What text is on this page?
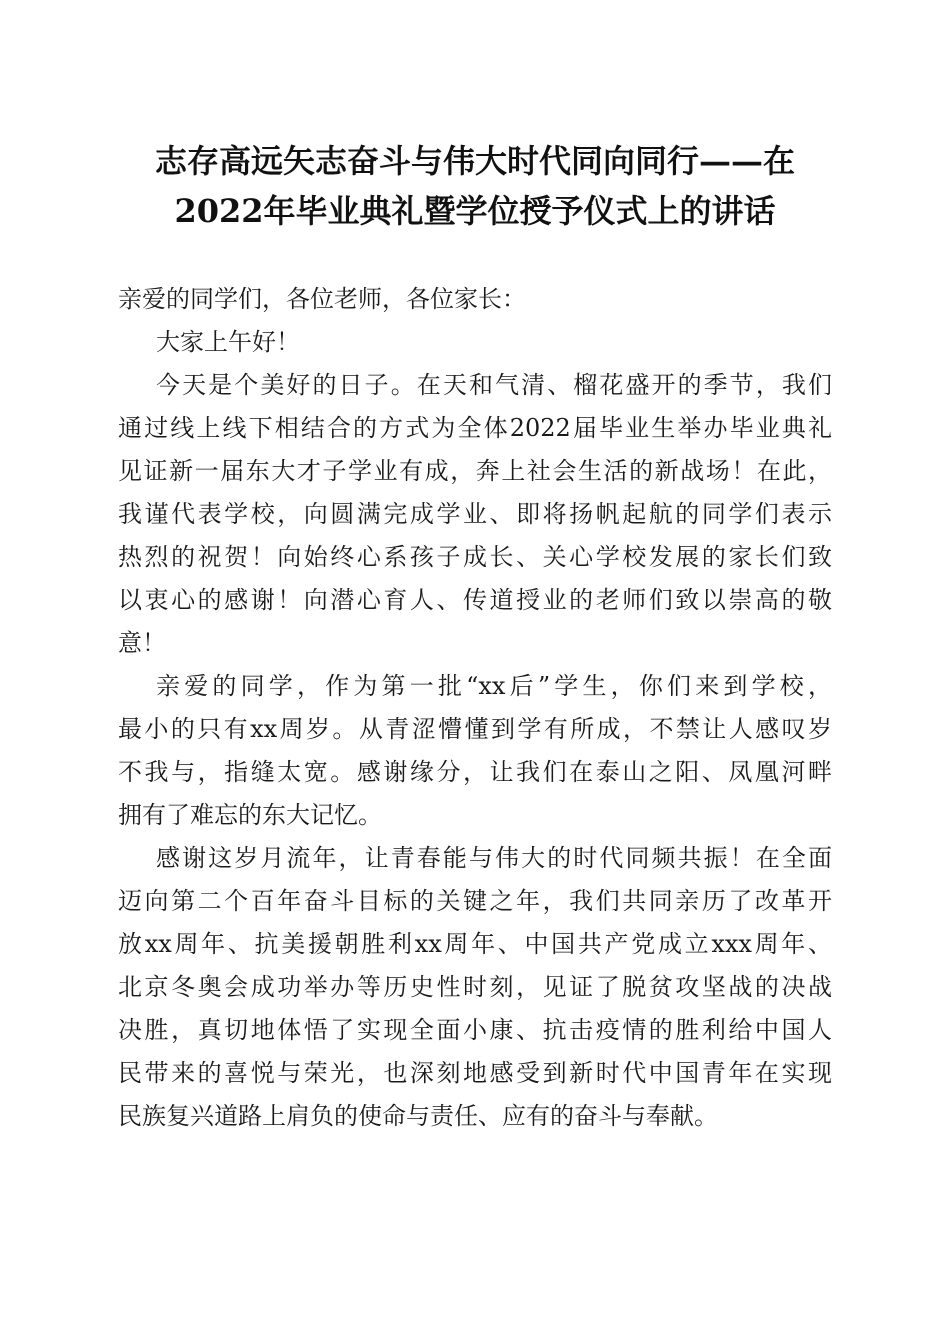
志存高远矢志奋斗与伟大时代同向同行——在
2022年毕业典礼暨学位授予仪式上的讲话
亲爱的同学们，各位老师，各位家长：
大家上午好！
今天是个美好的日子。在天和气清、榴花盛开的季节，我们
通过线上线下相结合的方式为全体2022届毕业生举办毕业典礼
见证新一届东大才子学业有成，奔上社会生活的新战场！在此，
我谨代表学校，向圆满完成学业、即将扬帆起航的同学们表示
热烈的祝贺！向始终心系孩子成长、关心学校发展的家长们致
以衷心的感谢！向潜心育人、传道授业的老师们致以崇高的敬
意！
亲爱的同学，作为第一批“xx后”学生，你们来到学校，
最小的只有xx周岁。从青涩懵懂到学有所成，不禁让人感叹岁
不我与，指缝太宽。感谢缘分，让我们在泰山之阳、凤凰河畔
拥有了难忘的东大记忆。
感谢这岁月流年，让青春能与伟大的时代同频共振！在全面
迈向第二个百年奋斗目标的关键之年，我们共同亲历了改革开
放xx周年、抗美援朝胜利xx周年、中国共产党成立xxx周年、
北京冬奥会成功举办等历史性时刻，见证了脱贫攻坚战的决战
决胜，真切地体悟了实现全面小康、抗击疫情的胜利给中国人
民带来的喜悦与荣光，也深刻地感受到新时代中国青年在实现
民族复兴道路上肩负的使命与责任、应有的奋斗与奉献。
